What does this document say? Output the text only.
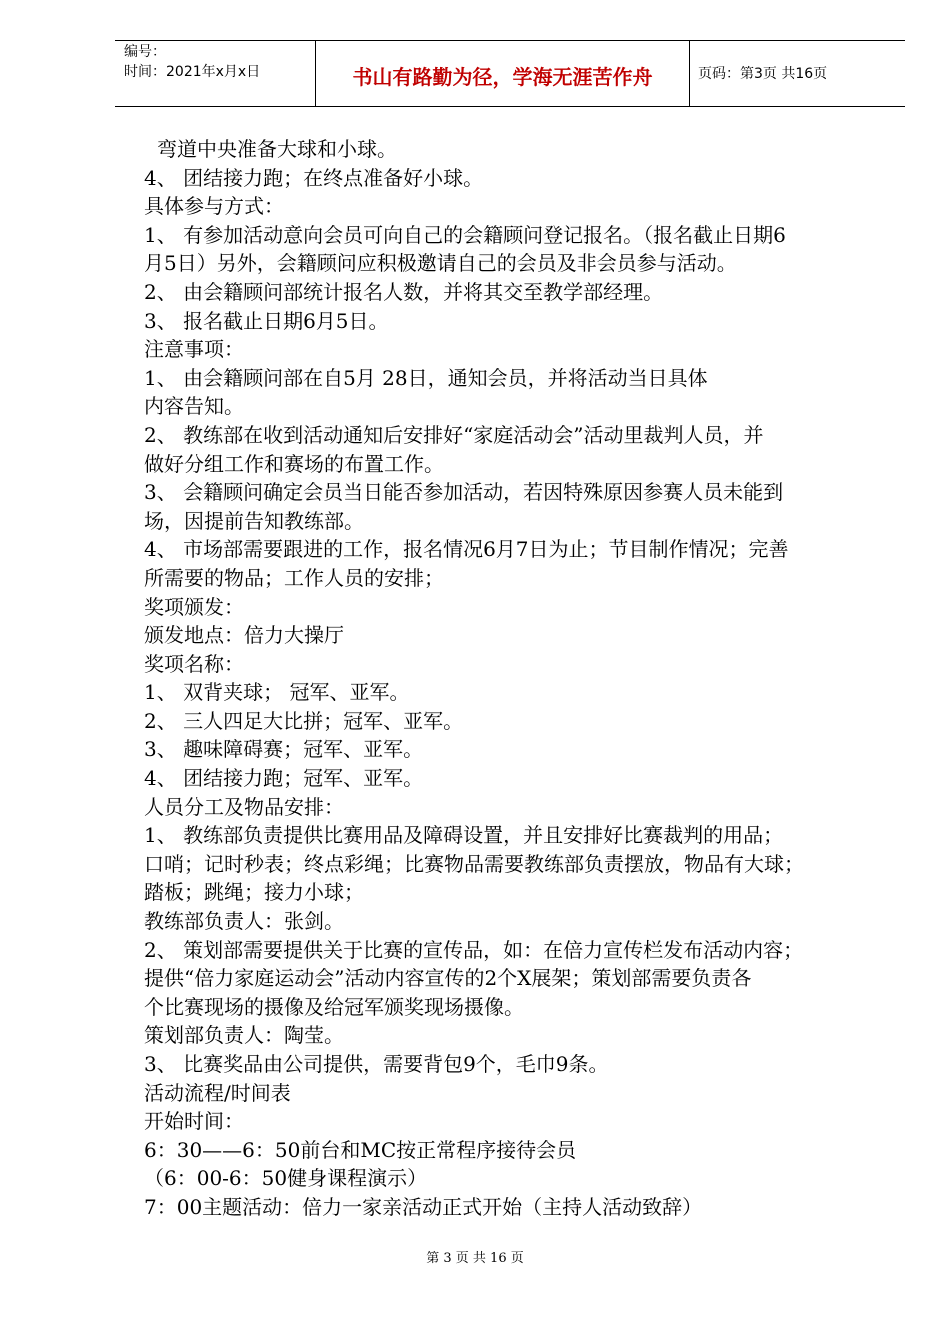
编号：
时间：2021年x月x日	书山有路勤为径，学海无涯苦作舟	页码：第3页 共16页
弯道中央准备大球和小球。
4、 团结接力跑；在终点准备好小球。
具体参与方式：
1、 有参加活动意向会员可向自己的会籍顾问登记报名。（报名截止日期6
月5日）另外，会籍顾问应积极邀请自己的会员及非会员参与活动。
2、 由会籍顾问部统计报名人数，并将其交至教学部经理。
3、 报名截止日期6月5日。
注意事项：
1、 由会籍顾问部在自5月 28日，通知会员，并将活动当日具体
内容告知。
2、 教练部在收到活动通知后安排好“家庭活动会”活动里裁判人员，并
做好分组工作和赛场的布置工作。
3、 会籍顾问确定会员当日能否参加活动，若因特殊原因参赛人员未能到
场，因提前告知教练部。
4、 市场部需要跟进的工作，报名情况6月7日为止；节目制作情况；完善
所需要的物品；工作人员的安排；
奖项颁发：
颁发地点：倍力大操厅
奖项名称：
1、 双背夹球； 冠军、亚军。
2、 三人四足大比拼；冠军、亚军。
3、 趣味障碍赛；冠军、亚军。
4、 团结接力跑；冠军、亚军。
人员分工及物品安排：
1、 教练部负责提供比赛用品及障碍设置，并且安排好比赛裁判的用品；
口哨；记时秒表；终点彩绳；比赛物品需要教练部负责摆放，物品有大球；
踏板；跳绳；接力小球；
教练部负责人：张剑。
2、 策划部需要提供关于比赛的宣传品，如：在倍力宣传栏发布活动内容；
提供“倍力家庭运动会”活动内容宣传的2个X展架；策划部需要负责各
个比赛现场的摄像及给冠军颁奖现场摄像。
策划部负责人：陶莹。
3、 比赛奖品由公司提供，需要背包9个，毛巾9条。
活动流程/时间表
开始时间：
6：30——6：50前台和MC按正常程序接待会员
（6：00-6：50健身课程演示）
7：00主题活动：倍力一家亲活动正式开始（主持人活动致辞）
第 3 页 共 16 页
